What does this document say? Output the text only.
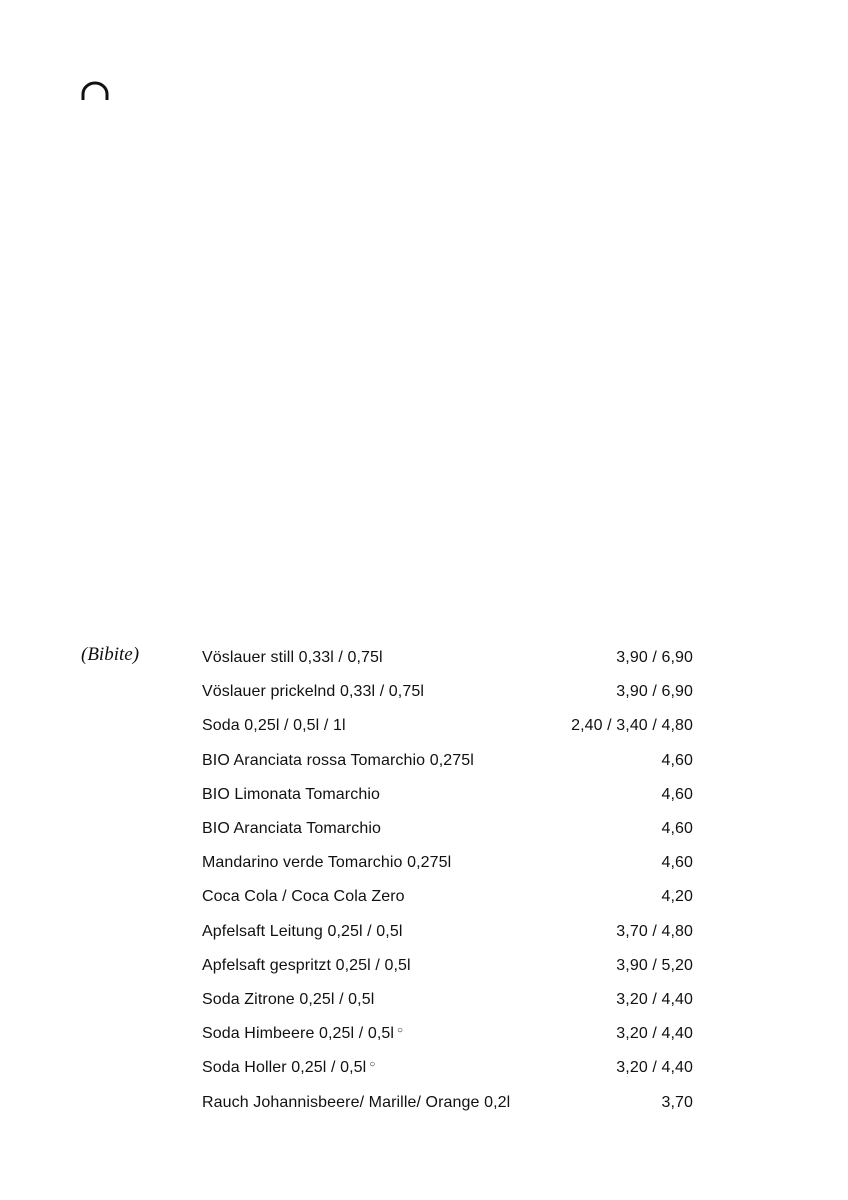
(Bibite)	Vöslauer still 0,33l / 0,75l	3,90 / 6,90
Vöslauer prickelnd 0,33l / 0,75l	3,90 / 6,90
Soda 0,25l / 0,5l / 1l	2,40 / 3,40 / 4,80
BIO Aranciata rossa Tomarchio 0,275l	4,60
BIO Limonata Tomarchio	4,60
BIO Aranciata Tomarchio	4,60
Mandarino verde Tomarchio 0,275l	4,60
Coca Cola / Coca Cola Zero	4,20
Apfelsaft Leitung 0,25l / 0,5l	3,70 / 4,80
Apfelsaft gespritzt 0,25l / 0,5l	3,90 / 5,20
Soda Zitrone 0,25l / 0,5l	3,20 / 4,40
Soda Himbeere 0,25l / 0,5l ○	3,20 / 4,40
Soda Holler 0,25l / 0,5l ○	3,20 / 4,40
Rauch Johannisbeere/ Marille/ Orange 0,2l	3,70
